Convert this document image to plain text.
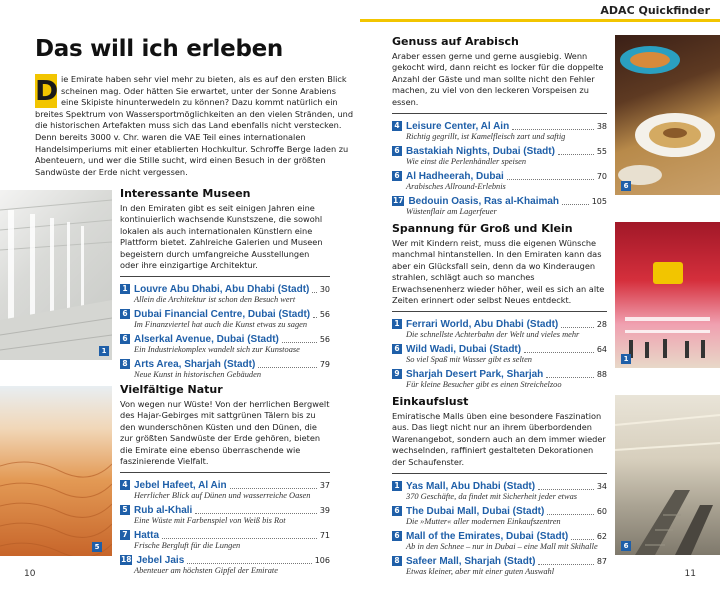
Das will ich erleben
D ie Emirate haben sehr viel mehr zu bieten, als es auf den ersten Blick scheinen mag. Oder hätten Sie erwartet, unter der Sonne Arabiens eine Skipiste hinunterwedeln zu können? Dazu kommt natürlich ein breites Spektrum von Wassersportmöglichkeiten an den vielen Stränden, und die historischen Artefakten muss sich das Land ebenfalls nicht verstecken. Denn bereits 3000 v. Chr. waren die VAE Teil eines internationalen Handelsimperiums mit einer etablierten Hochkultur. Schroffe Berge laden zu Abenteuern, und wer die Stille sucht, wird einen Besuch in der größten Sandwüste der Erde nicht vergessen.
1
Interessante Museen
In den Emiraten gibt es seit einigen Jahren eine kontinuierlich wachsende Kunstszene, die sowohl lokalen als auch internationalen Künstlern eine Plattform bietet. Zahlreiche Galerien und Museen begeistern durch umfangreiche Ausstellungen oder ihre einzigartige Architektur.
1 Louvre Abu Dhabi, Abu Dhabi (Stadt) 30
Allein die Architektur ist schon den Besuch wert
6 Dubai Financial Centre, Dubai (Stadt) 56
Im Finanzviertel hat auch die Kunst etwas zu sagen
6 Alserkal Avenue, Dubai (Stadt)	56
Ein Industriekomplex wandelt sich zur Kunstoase
8 Arts Area, Sharjah (Stadt)	79
Neue Kunst in historischen Gebäuden
5
Vielfältige Natur
Von wegen nur Wüste! Von der herrlichen Bergwelt des Hajar-Gebirges mit sattgrünen Tälern bis zu den wunderschönen Küsten und den Dünen, die zur größten Sandwüste der Erde gehören, bieten die Emirate eine ebenso überraschende wie faszinierende Vielfalt.
4 Jebel Hafeet, Al Ain	37
Herrlicher Blick auf Dünen und wasserreiche Oasen
5 Rub al-Khali	39
Eine Wüste mit Farbenspiel von Weiß bis Rot
7 Hatta	71
Frische Bergluft für die Lungen
18 Jebel Jais	106
Abenteuer am höchsten Gipfel der Emirate
10
ADAC Quickfinder
6
Genuss auf Arabisch
Araber essen gerne und gerne ausgiebig. Wenn gekocht wird, dann reicht es locker für die doppelte Anzahl der Gäste und man sollte nicht den Fehler machen, zu viel von den leckeren Vorspeisen zu essen.
4 Leisure Center, Al Ain	38
Richtig gegrillt, ist Kamelfleisch zart und saftig
6 Bastakiah Nights, Dubai (Stadt)	55
Wie einst die Perlenhändler speisen
6 Al Hadheerah, Dubai	70
Arabisches Allround-Erlebnis
17 Bedouin Oasis, Ras al-Khaimah	105
Wüstenflair am Lagerfeuer
1
Spannung für Groß und Klein
Wer mit Kindern reist, muss die eigenen Wünsche manchmal hintanstellen. In den Emiraten kann das aber ein Glücksfall sein, denn da wo Kinderaugen strahlen, schlägt auch so manches Erwachsenenherz wieder höher, weil es sich an alte Zeiten erinnert oder selbst Neues entdeckt.
1 Ferrari World, Abu Dhabi (Stadt)	28
Die schnellste Achterbahn der Welt und vieles mehr
6 Wild Wadi, Dubai (Stadt)	64
So viel Spaß mit Wasser gibt es selten
9 Sharjah Desert Park, Sharjah	88
Für kleine Besucher gibt es einen Streichelzoo
6
Einkaufslust
Emiratische Malls üben eine besondere Faszination aus. Das liegt nicht nur an ihrem überbordenden Warenangebot, sondern auch an dem immer wieder wechselnden, raffiniert gestalteten Dekorationen der Schaufenster.
1 Yas Mall, Abu Dhabi (Stadt)	34
370 Geschäfte, da findet mit Sicherheit jeder etwas
6 The Dubai Mall, Dubai (Stadt)	60
Die »Mutter« aller modernen Einkaufszentren
6 Mall of the Emirates, Dubai (Stadt)	62
Ab in den Schnee – nur in Dubai – eine Mall mit Skihalle
8 Safeer Mall, Sharjah (Stadt)	87
Etwas kleiner, aber mit einer guten Auswahl	11
